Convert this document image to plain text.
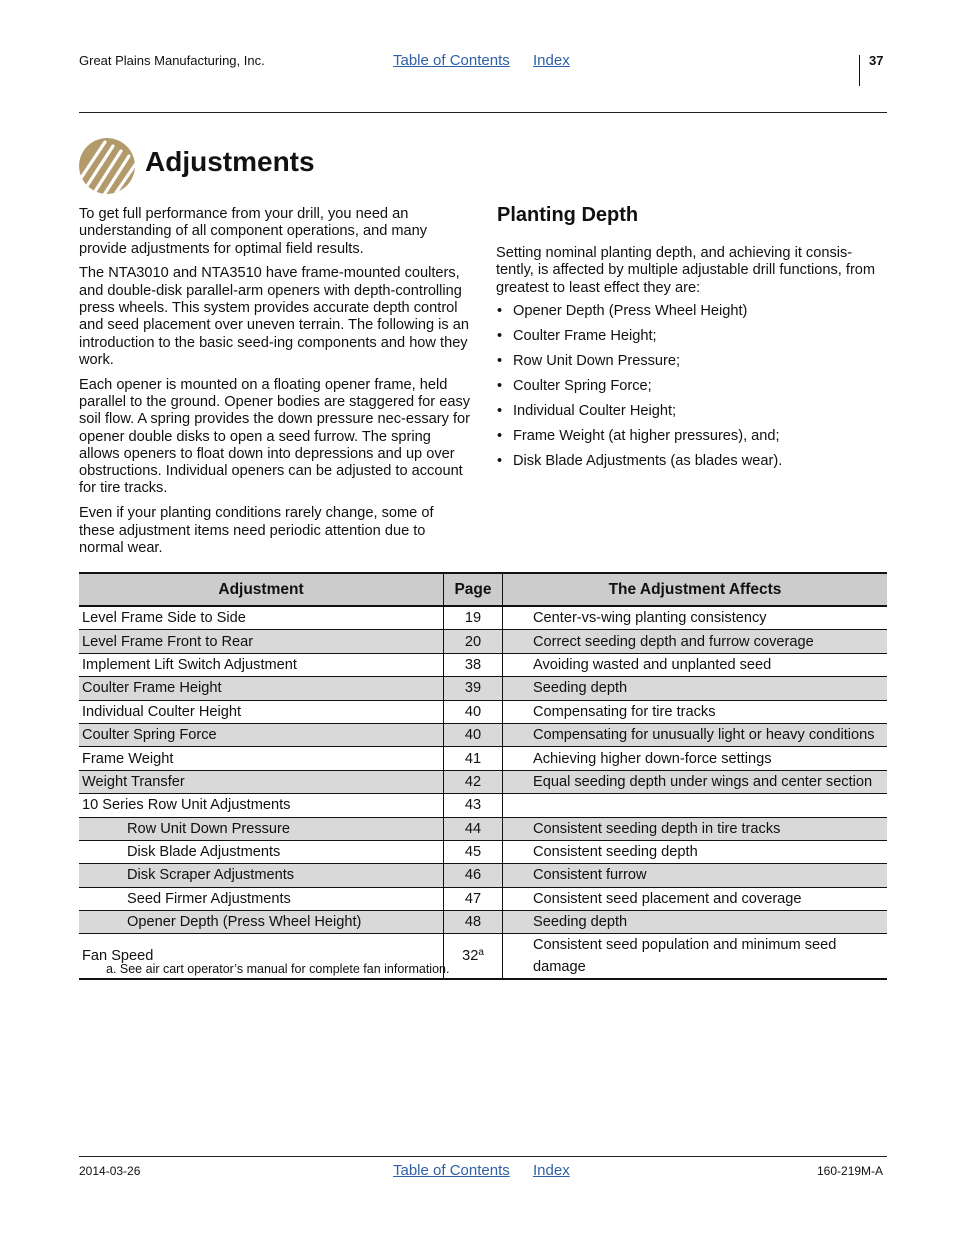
Great Plains Manufacturing, Inc.	Table of Contents Index	37
Adjustments

To get full performance from your drill, you need an understanding of all component operations, and many provide adjustments for optimal field results.

The NTA3010 and NTA3510 have frame-mounted coulters, and double-disk parallel-arm openers with depth-controlling press wheels. This system provides accurate depth control and seed placement over uneven terrain. The following is an introduction to the basic seed-ing components and how they work.

Each opener is mounted on a floating opener frame, held parallel to the ground. Opener bodies are staggered for easy soil flow. A spring provides the down pressure nec-essary for opener double disks to open a seed furrow. The spring allows openers to float down into depressions and up over obstructions. Individual openers can be adjusted to account for tire tracks.

Even if your planting conditions rarely change, some of these adjustment items need periodic attention due to normal wear.

Planting Depth

Setting nominal planting depth, and achieving it consis-tently, is affected by multiple adjustable drill functions, from greatest to least effect they are:

• Opener Depth (Press Wheel Height)
• Coulter Frame Height;
• Row Unit Down Pressure;
• Coulter Spring Force;
• Individual Coulter Height;
• Frame Weight (at higher pressures), and;
• Disk Blade Adjustments (as blades wear).
Adjustment	Page	The Adjustment Affects
Level Frame Side to Side	19	Center-vs-wing planting consistency
Level Frame Front to Rear	20	Correct seeding depth and furrow coverage
Implement Lift Switch Adjustment	38	Avoiding wasted and unplanted seed
Coulter Frame Height	39	Seeding depth
Individual Coulter Height	40	Compensating for tire tracks
Coulter Spring Force	40	Compensating for unusually light or heavy conditions
Frame Weight	41	Achieving higher down-force settings
Weight Transfer	42	Equal seeding depth under wings and center section
10 Series Row Unit Adjustments	43	
Row Unit Down Pressure	44	Consistent seeding depth in tire tracks
Disk Blade Adjustments	45	Consistent seeding depth
Disk Scraper Adjustments	46	Consistent furrow
Seed Firmer Adjustments	47	Consistent seed placement and coverage
Opener Depth (Press Wheel Height)	48	Seeding depth
Fan Speed	32$^a$	Consistent seed population and minimum seed damage
a. See air cart operator’s manual for complete fan information.
2014-03-26	Table of Contents Index	160-219M-A
